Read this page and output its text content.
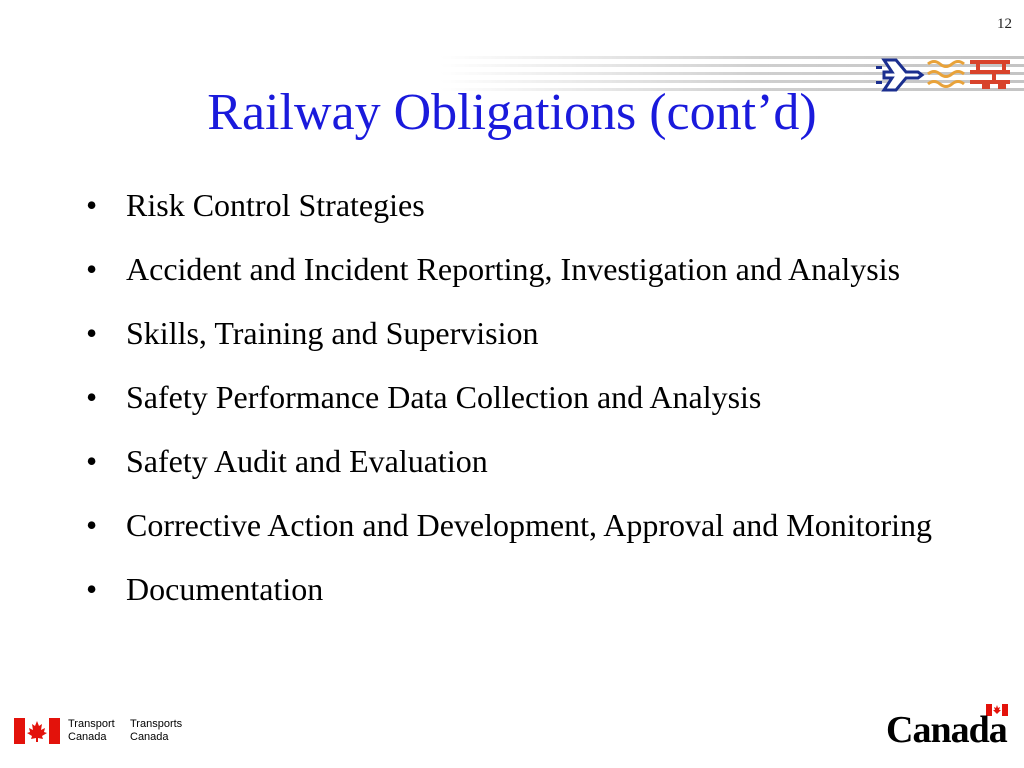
12
Railway Obligations (cont’d)
• Risk Control Strategies
• Accident and Incident Reporting, Investigation and Analysis
• Skills, Training and Supervision
• Safety Performance Data Collection and Analysis
• Safety Audit and Evaluation
• Corrective Action and Development, Approval and Monitoring
• Documentation
Transport
Canada
Transports
Canada	Canada
